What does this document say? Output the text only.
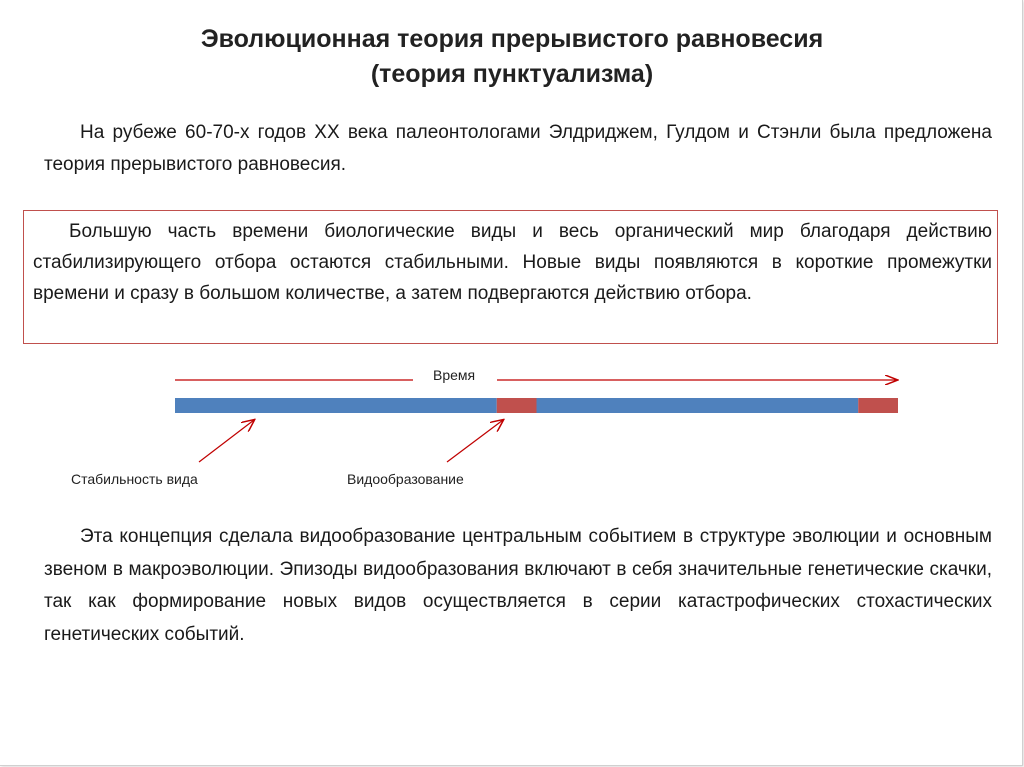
Эволюционная теория прерывистого равновесия
(теория пунктуализма)
На рубеже 60-70-х годов XX века палеонтологами Элдриджем, Гулдом и Стэнли была предложена теория прерывистого равновесия.
Большую часть времени биологические виды и весь органический мир благодаря действию стабилизирующего отбора остаются стабильными. Новые виды появляются в короткие промежутки времени и сразу в большом количестве, а затем подвергаются действию отбора.
Время
Стабильность вида	Видообразование
Эта концепция сделала видообразование центральным событием в структуре эволюции и основным звеном в макроэволюции. Эпизоды видообразования включают в себя значительные генетические скачки, так как формирование новых видов осуществляется в серии катастрофических стохастических генетических событий.
